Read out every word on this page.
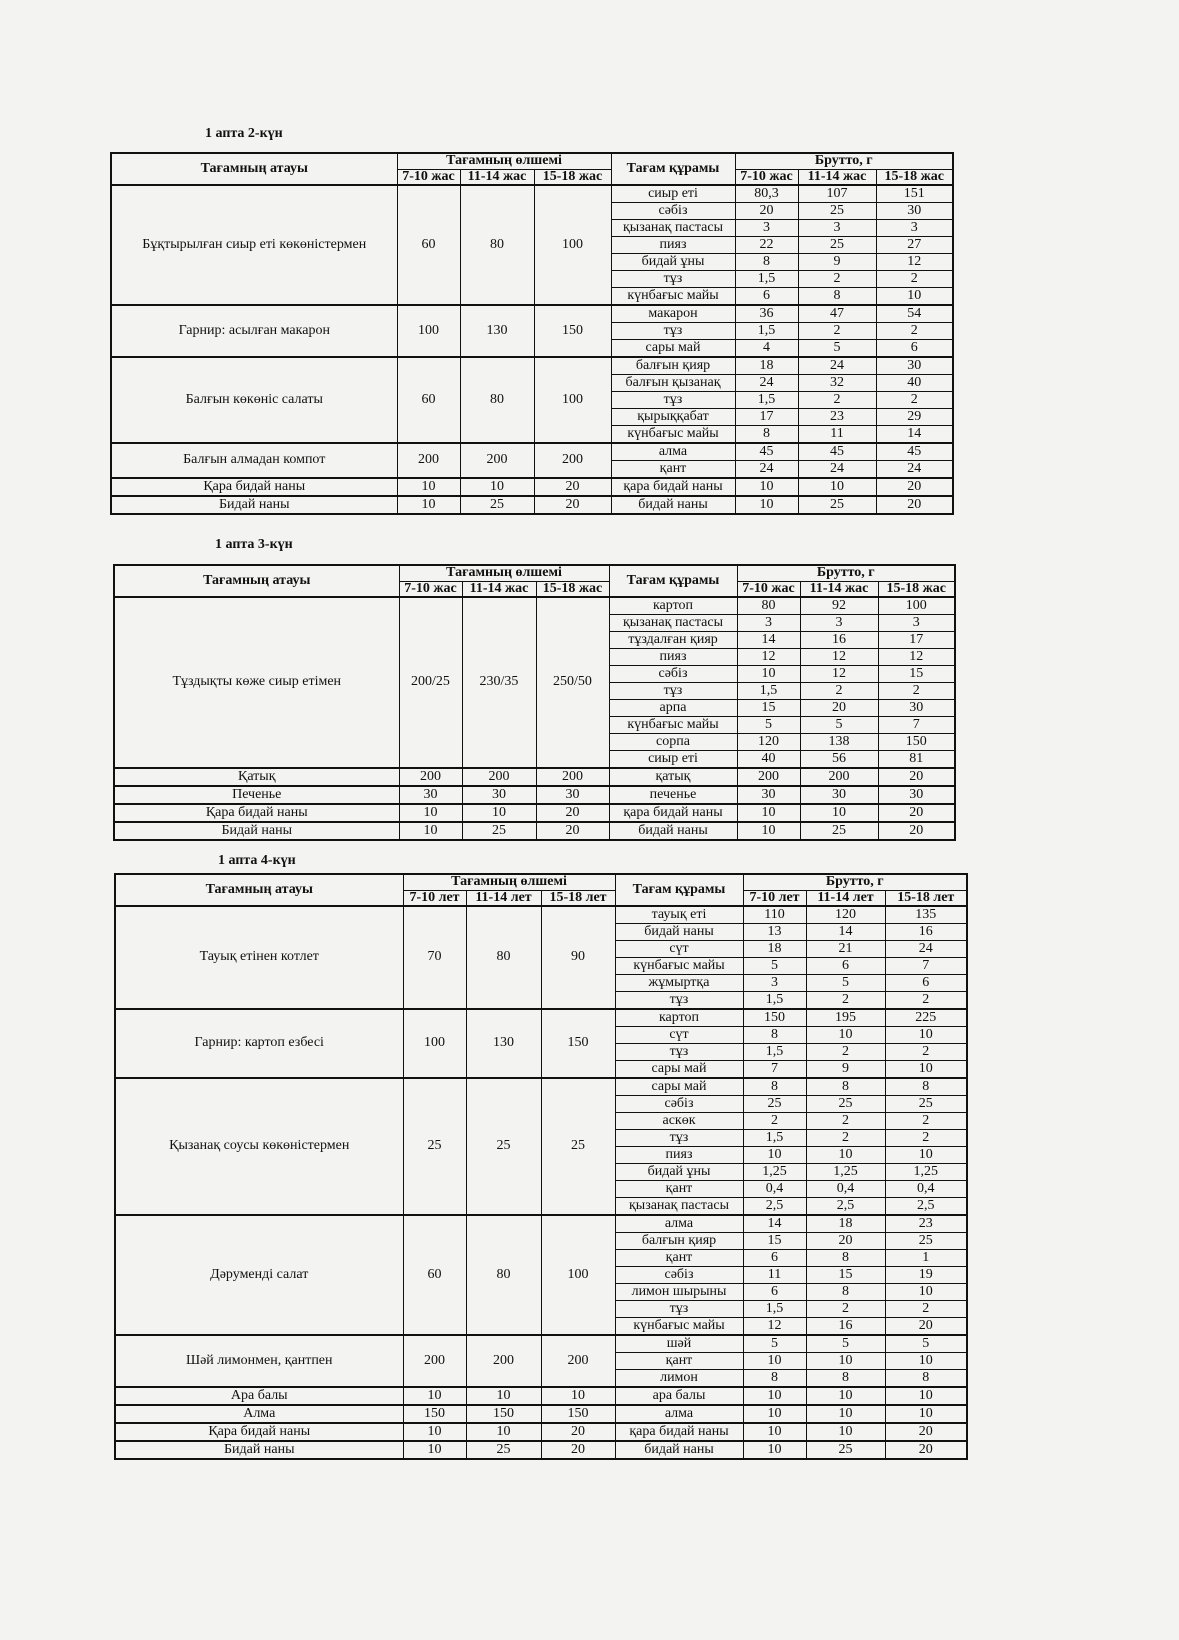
1 апта 2-күн
Тағамның атауы	Тағамның өлшемі			Тағам құрамы	Брутто, г		
	7-10 жас	11-14 жас	15-18 жас		7-10 жас	11-14 жас	15-18 жас
Бұқтырылған сиыр еті көкөністермен	60	80	100	сиыр еті	80,3	107	151
				сәбіз	20	25	30
				қызанақ пастасы	3	3	3
				пияз	22	25	27
				бидай ұны	8	9	12
				тұз	1,5	2	2
				күнбағыс майы	6	8	10
Гарнир: асылған макарон	100	130	150	макарон	36	47	54
				тұз	1,5	2	2
				сары май	4	5	6
Балғын көкөніс салаты	60	80	100	балғын қияр	18	24	30
				балғын қызанақ	24	32	40
				тұз	1,5	2	2
				қырыққабат	17	23	29
				күнбағыс майы	8	11	14
Балғын алмадан компот	200	200	200	алма	45	45	45
				қант	24	24	24
Қара бидай наны	10	10	20	қара бидай наны	10	10	20
Бидай наны	10	25	20	бидай наны	10	25	20
1 апта 3-күн
Тағамның атауы	Тағамның өлшемі			Тағам құрамы	Брутто, г		
	7-10 жас	11-14 жас	15-18 жас		7-10 жас	11-14 жас	15-18 жас
Тұздықты көже сиыр етімен	200/25	230/35	250/50	картоп	80	92	100
				қызанақ пастасы	3	3	3
				тұздалған қияр	14	16	17
				пияз	12	12	12
				сәбіз	10	12	15
				тұз	1,5	2	2
				арпа	15	20	30
				күнбағыс майы	5	5	7
				сорпа	120	138	150
				сиыр еті	40	56	81
Қатық	200	200	200	қатық	200	200	20
Печенье	30	30	30	печенье	30	30	30
Қара бидай наны	10	10	20	қара бидай наны	10	10	20
Бидай наны	10	25	20	бидай наны	10	25	20
1 апта 4-күн
Тағамның атауы	Тағамның өлшемі			Тағам құрамы	Брутто, г		
	7-10 лет	11-14 лет	15-18 лет		7-10 лет	11-14 лет	15-18 лет
Тауық етінен котлет	70	80	90	тауық еті	110	120	135
				бидай наны	13	14	16
				сүт	18	21	24
				күнбағыс майы	5	6	7
				жұмыртқа	3	5	6
				тұз	1,5	2	2
Гарнир: картоп езбесі	100	130	150	картоп	150	195	225
				сүт	8	10	10
				тұз	1,5	2	2
				сары май	7	9	10
Қызанақ соусы көкөністермен	25	25	25	сары май	8	8	8
				сәбіз	25	25	25
				аскөк	2	2	2
				тұз	1,5	2	2
				пияз	10	10	10
				бидай ұны	1,25	1,25	1,25
				қант	0,4	0,4	0,4
				қызанақ пастасы	2,5	2,5	2,5
Дәруменді салат	60	80	100	алма	14	18	23
				балғын қияр	15	20	25
				қант	6	8	1
				сәбіз	11	15	19
				лимон шырыны	6	8	10
				тұз	1,5	2	2
				күнбағыс майы	12	16	20
Шәй лимонмен, қантпен	200	200	200	шәй	5	5	5
				қант	10	10	10
				лимон	8	8	8
Ара балы	10	10	10	ара балы	10	10	10
Алма	150	150	150	алма	10	10	10
Қара бидай наны	10	10	20	қара бидай наны	10	10	20
Бидай наны	10	25	20	бидай наны	10	25	20
